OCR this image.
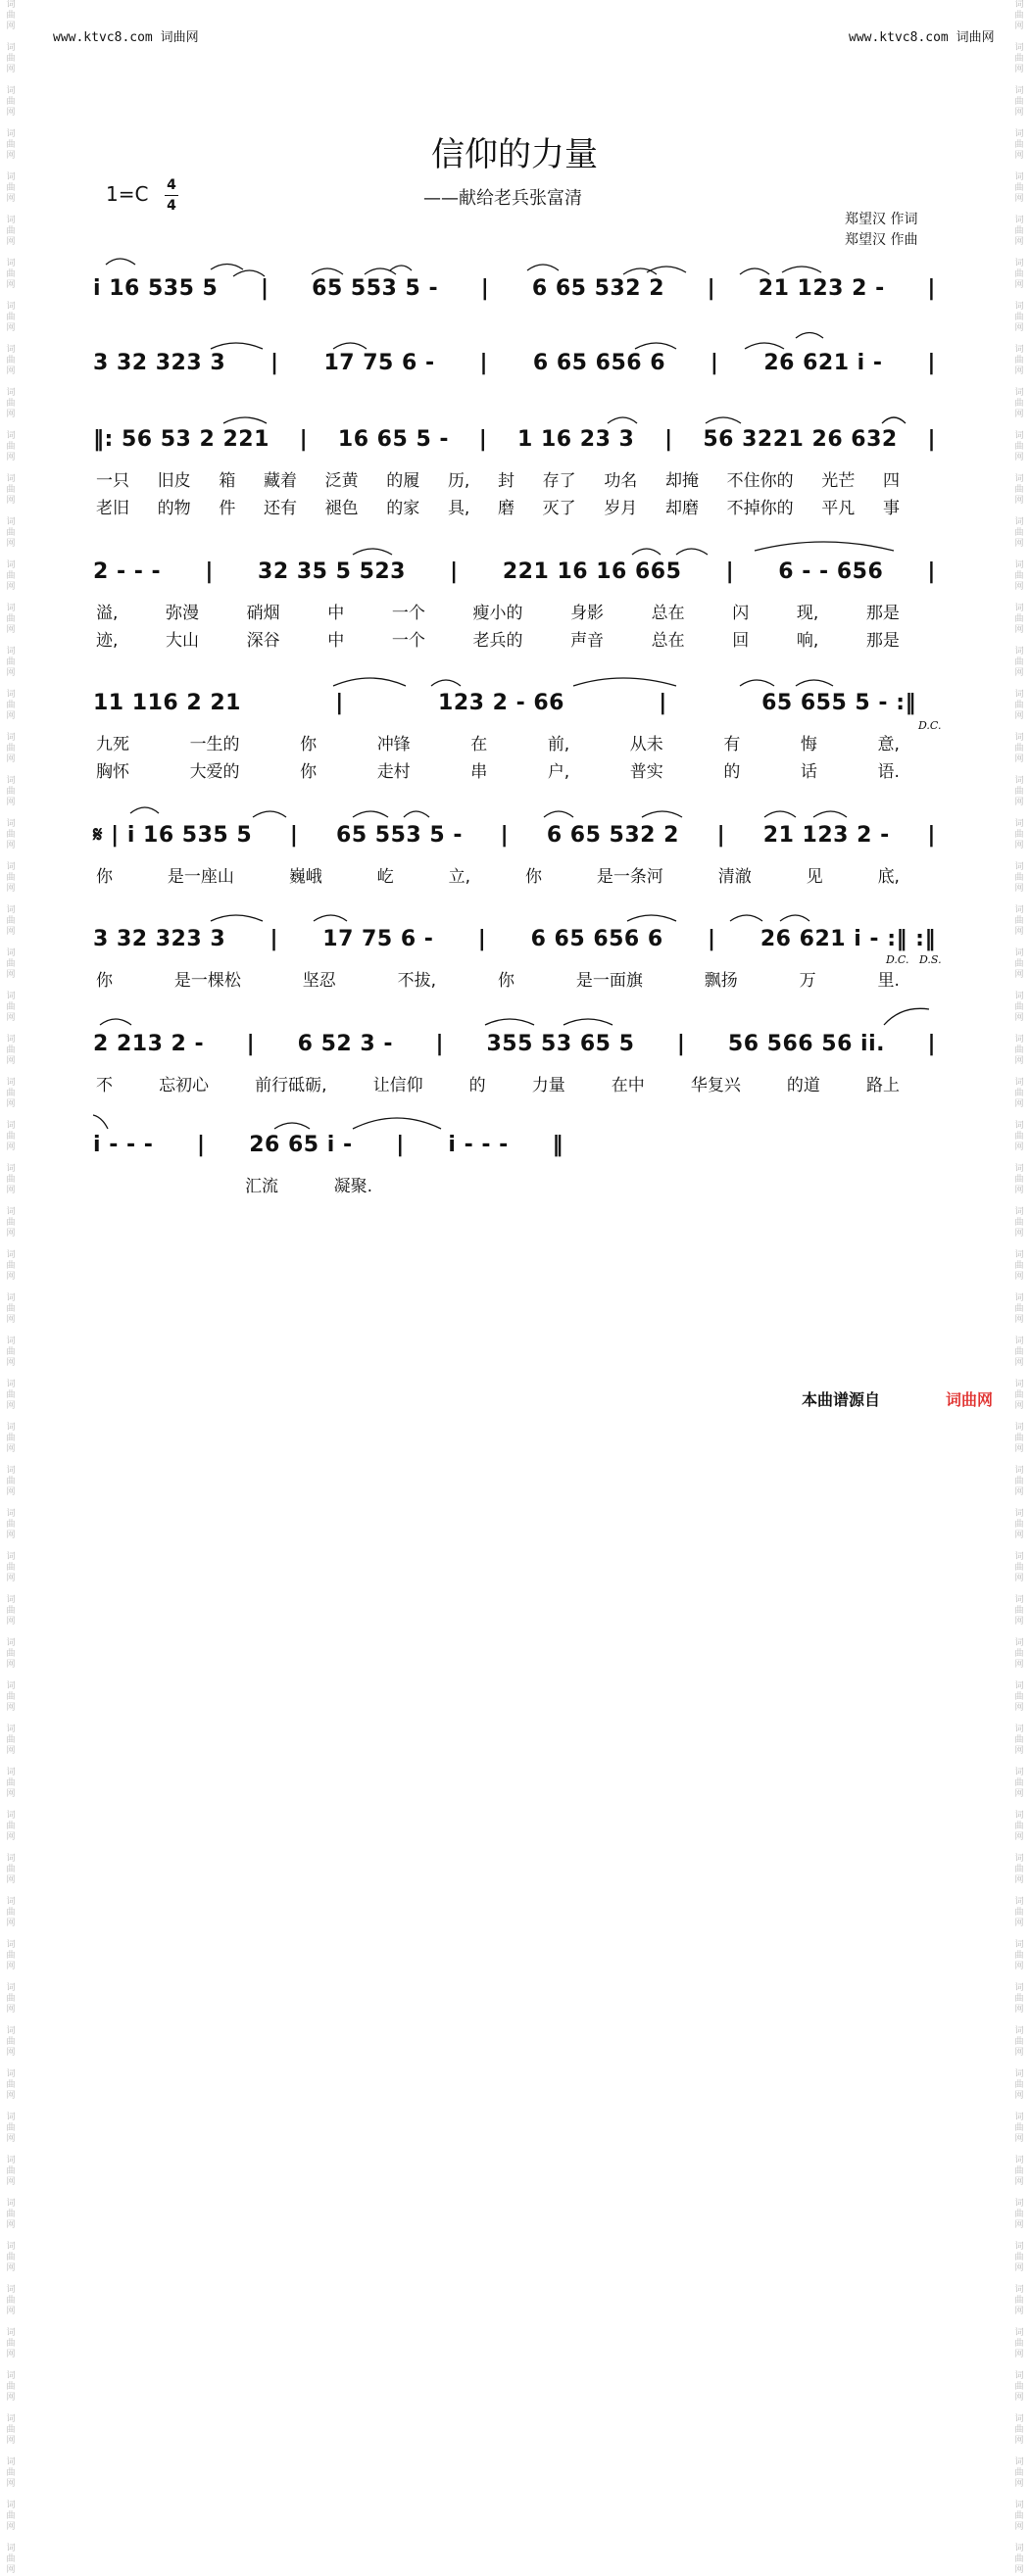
词曲网

词曲网

词曲网

词曲网

词曲网

词曲网

词曲网

词曲网

词曲网

词曲网

词曲网

词曲网

词曲网

词曲网

词曲网

词曲网

词曲网

词曲网

词曲网

词曲网

词曲网

词曲网

词曲网

词曲网

词曲网

词曲网

词曲网

词曲网

词曲网

词曲网

词曲网

词曲网

词曲网

词曲网

词曲网

词曲网

词曲网

词曲网

词曲网

词曲网

词曲网

词曲网

词曲网

词曲网

词曲网

词曲网

词曲网

词曲网

词曲网

词曲网

词曲网

词曲网

词曲网

词曲网

词曲网

词曲网

词曲网

词曲网

词曲网

词曲网

词曲网

词曲网

词曲网

词曲网

词曲网

词曲网

词曲网

词曲网

词曲网

词曲网

词曲网

词曲网

词曲网

词曲网

词曲网

词曲网

词曲网

词曲网

词曲网

词曲网

词曲网

词曲网

词曲网

词曲网

词曲网

词曲网

词曲网

词曲网

词曲网

词曲网

词曲网

词曲网

词曲网

词曲网

词曲网

词曲网

词曲网

词曲网

词曲网

词曲网

词曲网

词曲网

词曲网

词曲网

词曲网

词曲网

词曲网

词曲网

词曲网

词曲网

词曲网

词曲网

词曲网

词曲网

词曲网

词曲网

词曲网

词曲网

词曲网

词曲网

www.ktvc8.com 词曲网	www.ktvc8.com 词曲网
信仰的力量
——献给老兵张富清
1=C 4
4
郑望汉 作词
郑望汉 作曲
i 16 535 5 | 65 553 5 - | 6 65 532 2 | 21 123 2 - |
3 32 323 3 | 17 75 6 - | 6 65 656 6 | 26 621 i - |
‖: 56 53 2 221 | 16 65 5 - | 1 16 23 3 | 56 3221 26 632 |
一只 旧皮 箱 藏着 泛黄 的履 历, 封 存了 功名 却掩 不住你的 光芒 四
老旧 的物 件 还有 褪色 的家 具, 磨 灭了 岁月 却磨 不掉你的 平凡 事
2 - - - | 32 35 5 523 | 221 16 16 665 | 6 - - 656 |
溢,	弥漫	硝烟	中	一个	瘦小的	身影	总在	闪	现,	那是
迹,	大山	深谷	中	一个	老兵的	声音	总在	回	响,	那是
11 116 2 21	|	123 2 - 66	|	65 655 5 - :‖
九死	一生的	你	冲锋	在	前,	从未	有	悔	意,
胸怀	大爱的	你	走村	串	户,	普实	的	话	语.
𝄋 | i 16 535 5 | 65 553 5 - | 6 65 532 2 | 21 123 2 - |
你	是一座山	巍峨	屹	立,	你	是一条河	清澈	见	底,
3 32 323 3 | 17 75 6 - | 6 65 656 6 | 26 621 i - :‖ :‖
你	是一棵松	坚忍	不拔,	你	是一面旗	飘扬	万	里.
2 213 2 - | 6 52 3 - | 355 53 65 5 | 56 566 56 ii. |
不	忘初心	前行砥砺,	让信仰	的	力量	在中	华复兴	的道	路上
i - - - | 26 65 i - | i - - - ‖
汇流	凝聚.
D.C.
D.C. D.S.
本曲谱源自	词曲网
